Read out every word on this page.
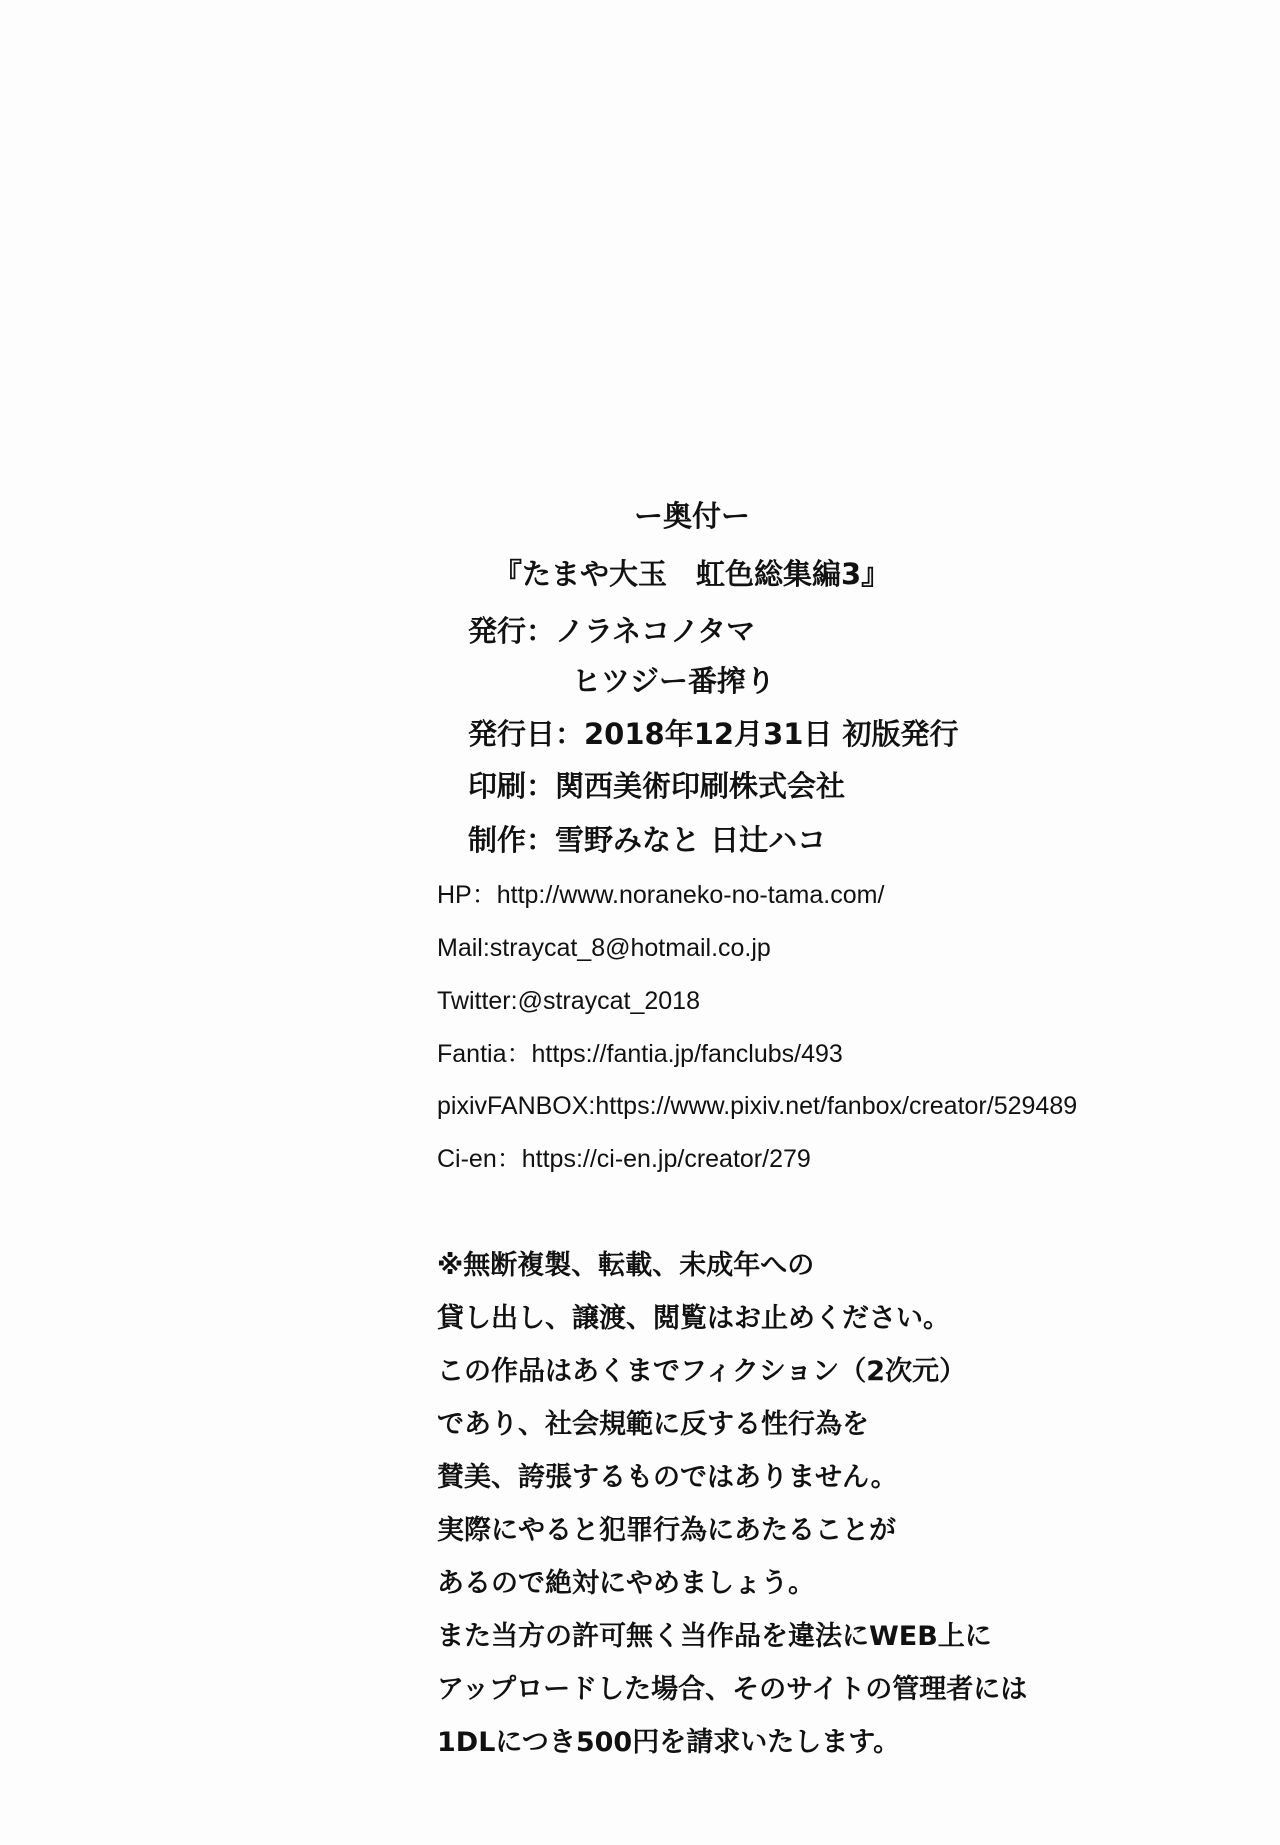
ー奥付ー
『たまや大玉　虹色総集編3』
発行：ノラネコノタマ
ヒツジー番搾り
発行日：2018年12月31日 初版発行
印刷：関西美術印刷株式会社
制作：雪野みなと 日辻ハコ
HP：http://www.noraneko-no-tama.com/
Mail:straycat_8@hotmail.co.jp
Twitter:@straycat_2018
Fantia：https://fantia.jp/fanclubs/493
pixivFANBOX:https://www.pixiv.net/fanbox/creator/529489
Ci-en：https://ci-en.jp/creator/279
※無断複製、転載、未成年への
貸し出し、譲渡、閲覧はお止めください。
この作品はあくまでフィクション（2次元）
であり、社会規範に反する性行為を
賛美、誇張するものではありません。
実際にやると犯罪行為にあたることが
あるので絶対にやめましょう。
また当方の許可無く当作品を違法にWEB上に
アップロードした場合、そのサイトの管理者には
1DLにつき500円を請求いたします。
